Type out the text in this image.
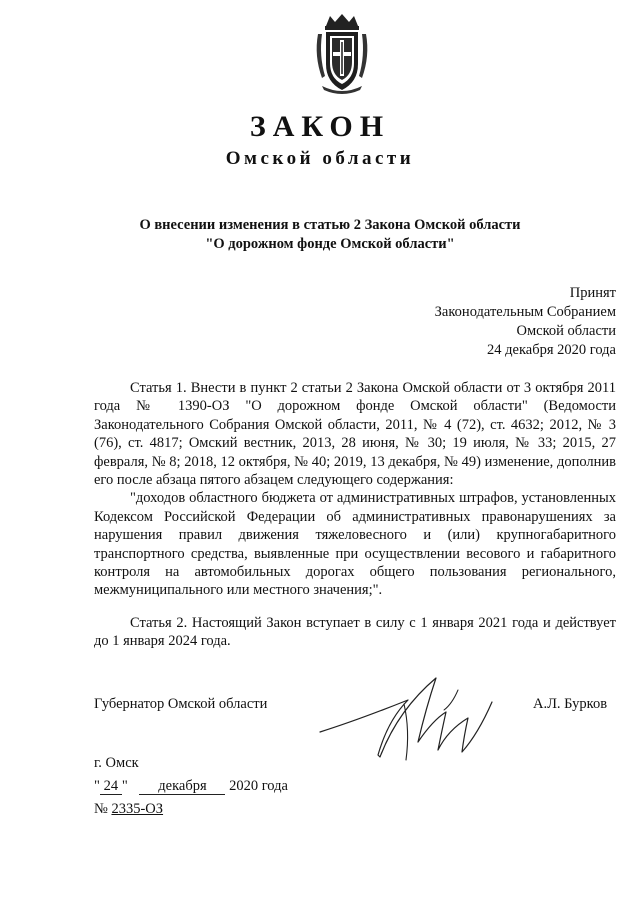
ЗАКОН
Омской области
О внесении изменения в статью 2 Закона Омской области
"О дорожном фонде Омской области"
Принят
Законодательным Собранием
Омской области
24 декабря 2020 года

Статья 1. Внести в пункт 2 статьи 2 Закона Омской области от 3 октября 2011 года № 1390-ОЗ "О дорожном фонде Омской области" (Ведомости Законодательного Собрания Омской области, 2011, № 4 (72), ст. 4632; 2012, № 3 (76), ст. 4817; Омский вестник, 2013, 28 июня, № 30; 19 июля, № 33; 2015, 27 февраля, № 8; 2018, 12 октября, № 40; 2019, 13 декабря, № 49) изменение, дополнив его после абзаца пятого абзацем следующего содержания:

"доходов областного бюджета от административных штрафов, установленных Кодексом Российской Федерации об административных правонарушениях за нарушения правил движения тяжеловесного и (или) крупногабаритного транспортного средства, выявленные при осуществлении весового и габаритного контроля на автомобильных дорогах общего пользования регионального, межмуниципального или местного значения;".

Статья 2. Настоящий Закон вступает в силу с 1 января 2021 года и действует до 1 января 2024 года.

Губернатор Омской области	А.Л. Бурков
г. Омск
" 24 " декабря 2020 года
№ 2335-ОЗ
